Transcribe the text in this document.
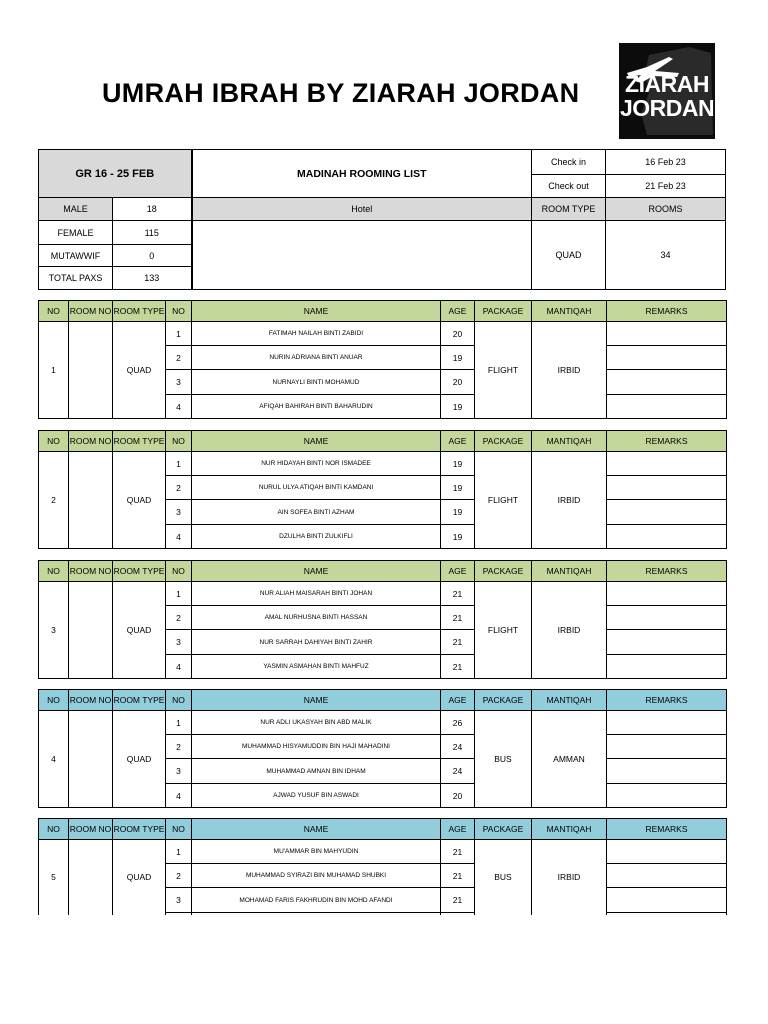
UMRAH IBRAH BY ZIARAH JORDAN ZIARAH
JORDAN
GR 16 - 25 FEB		MADINAH ROOMING LIST	Check in	16 Feb 23
			Check out	21 Feb 23
MALE	18	Hotel	ROOM TYPE	ROOMS
FEMALE	115		QUAD	34
MUTAWWIF	0			
TOTAL PAXS	133			
NO	ROOM NO	ROOM TYPE	NO	NAME	AGE	PACKAGE	MANTIQAH	REMARKS
1		QUAD	1	FATIMAH NAILAH BINTI ZABIDI	20	FLIGHT	IRBID	
			2	NURIN ADRIANA BINTI ANUAR	19			
			3	NURNAYLI BINTI MOHAMUD	20			
			4	AFIQAH BAHIRAH BINTI BAHARUDIN	19			
NO	ROOM NO	ROOM TYPE	NO	NAME	AGE	PACKAGE	MANTIQAH	REMARKS
2		QUAD	1	NUR HIDAYAH BINTI NOR ISMADEE	19	FLIGHT	IRBID	
			2	NURUL ULYA ATIQAH BINTI KAMDANI	19			
			3	AIN SOFEA BINTI AZHAM	19			
			4	DZULHA BINTI ZULKIFLI	19			
NO	ROOM NO	ROOM TYPE	NO	NAME	AGE	PACKAGE	MANTIQAH	REMARKS
3		QUAD	1	NUR ALIAH MAISARAH BINTI JOHAN	21	FLIGHT	IRBID	
			2	AMAL NURHUSNA BINTI HASSAN	21			
			3	NUR SARRAH DAHIYAH BINTI ZAHIR	21			
			4	YASMIN ASMAHAN BINTI MAHFUZ	21			
NO	ROOM NO	ROOM TYPE	NO	NAME	AGE	PACKAGE	MANTIQAH	REMARKS
4		QUAD	1	NUR ADLI UKASYAH BIN ABD MALIK	26	BUS	AMMAN	
			2	MUHAMMAD HISYAMUDDIN BIN HAJI MAHADINI	24			
			3	MUHAMMAD AMNAN BIN IDHAM	24			
			4	AJWAD YUSUF BIN ASWADI	20			
NO	ROOM NO	ROOM TYPE	NO	NAME	AGE	PACKAGE	MANTIQAH	REMARKS
5		QUAD	1	MU'AMMAR BIN MAHYUDIN	21	BUS	IRBID	
			2	MUHAMMAD SYIRAZI BIN MUHAMAD SHUBKI	21			
			3	MOHAMAD FARIS FAKHRUDIN BIN MOHD AFANDI	21			
